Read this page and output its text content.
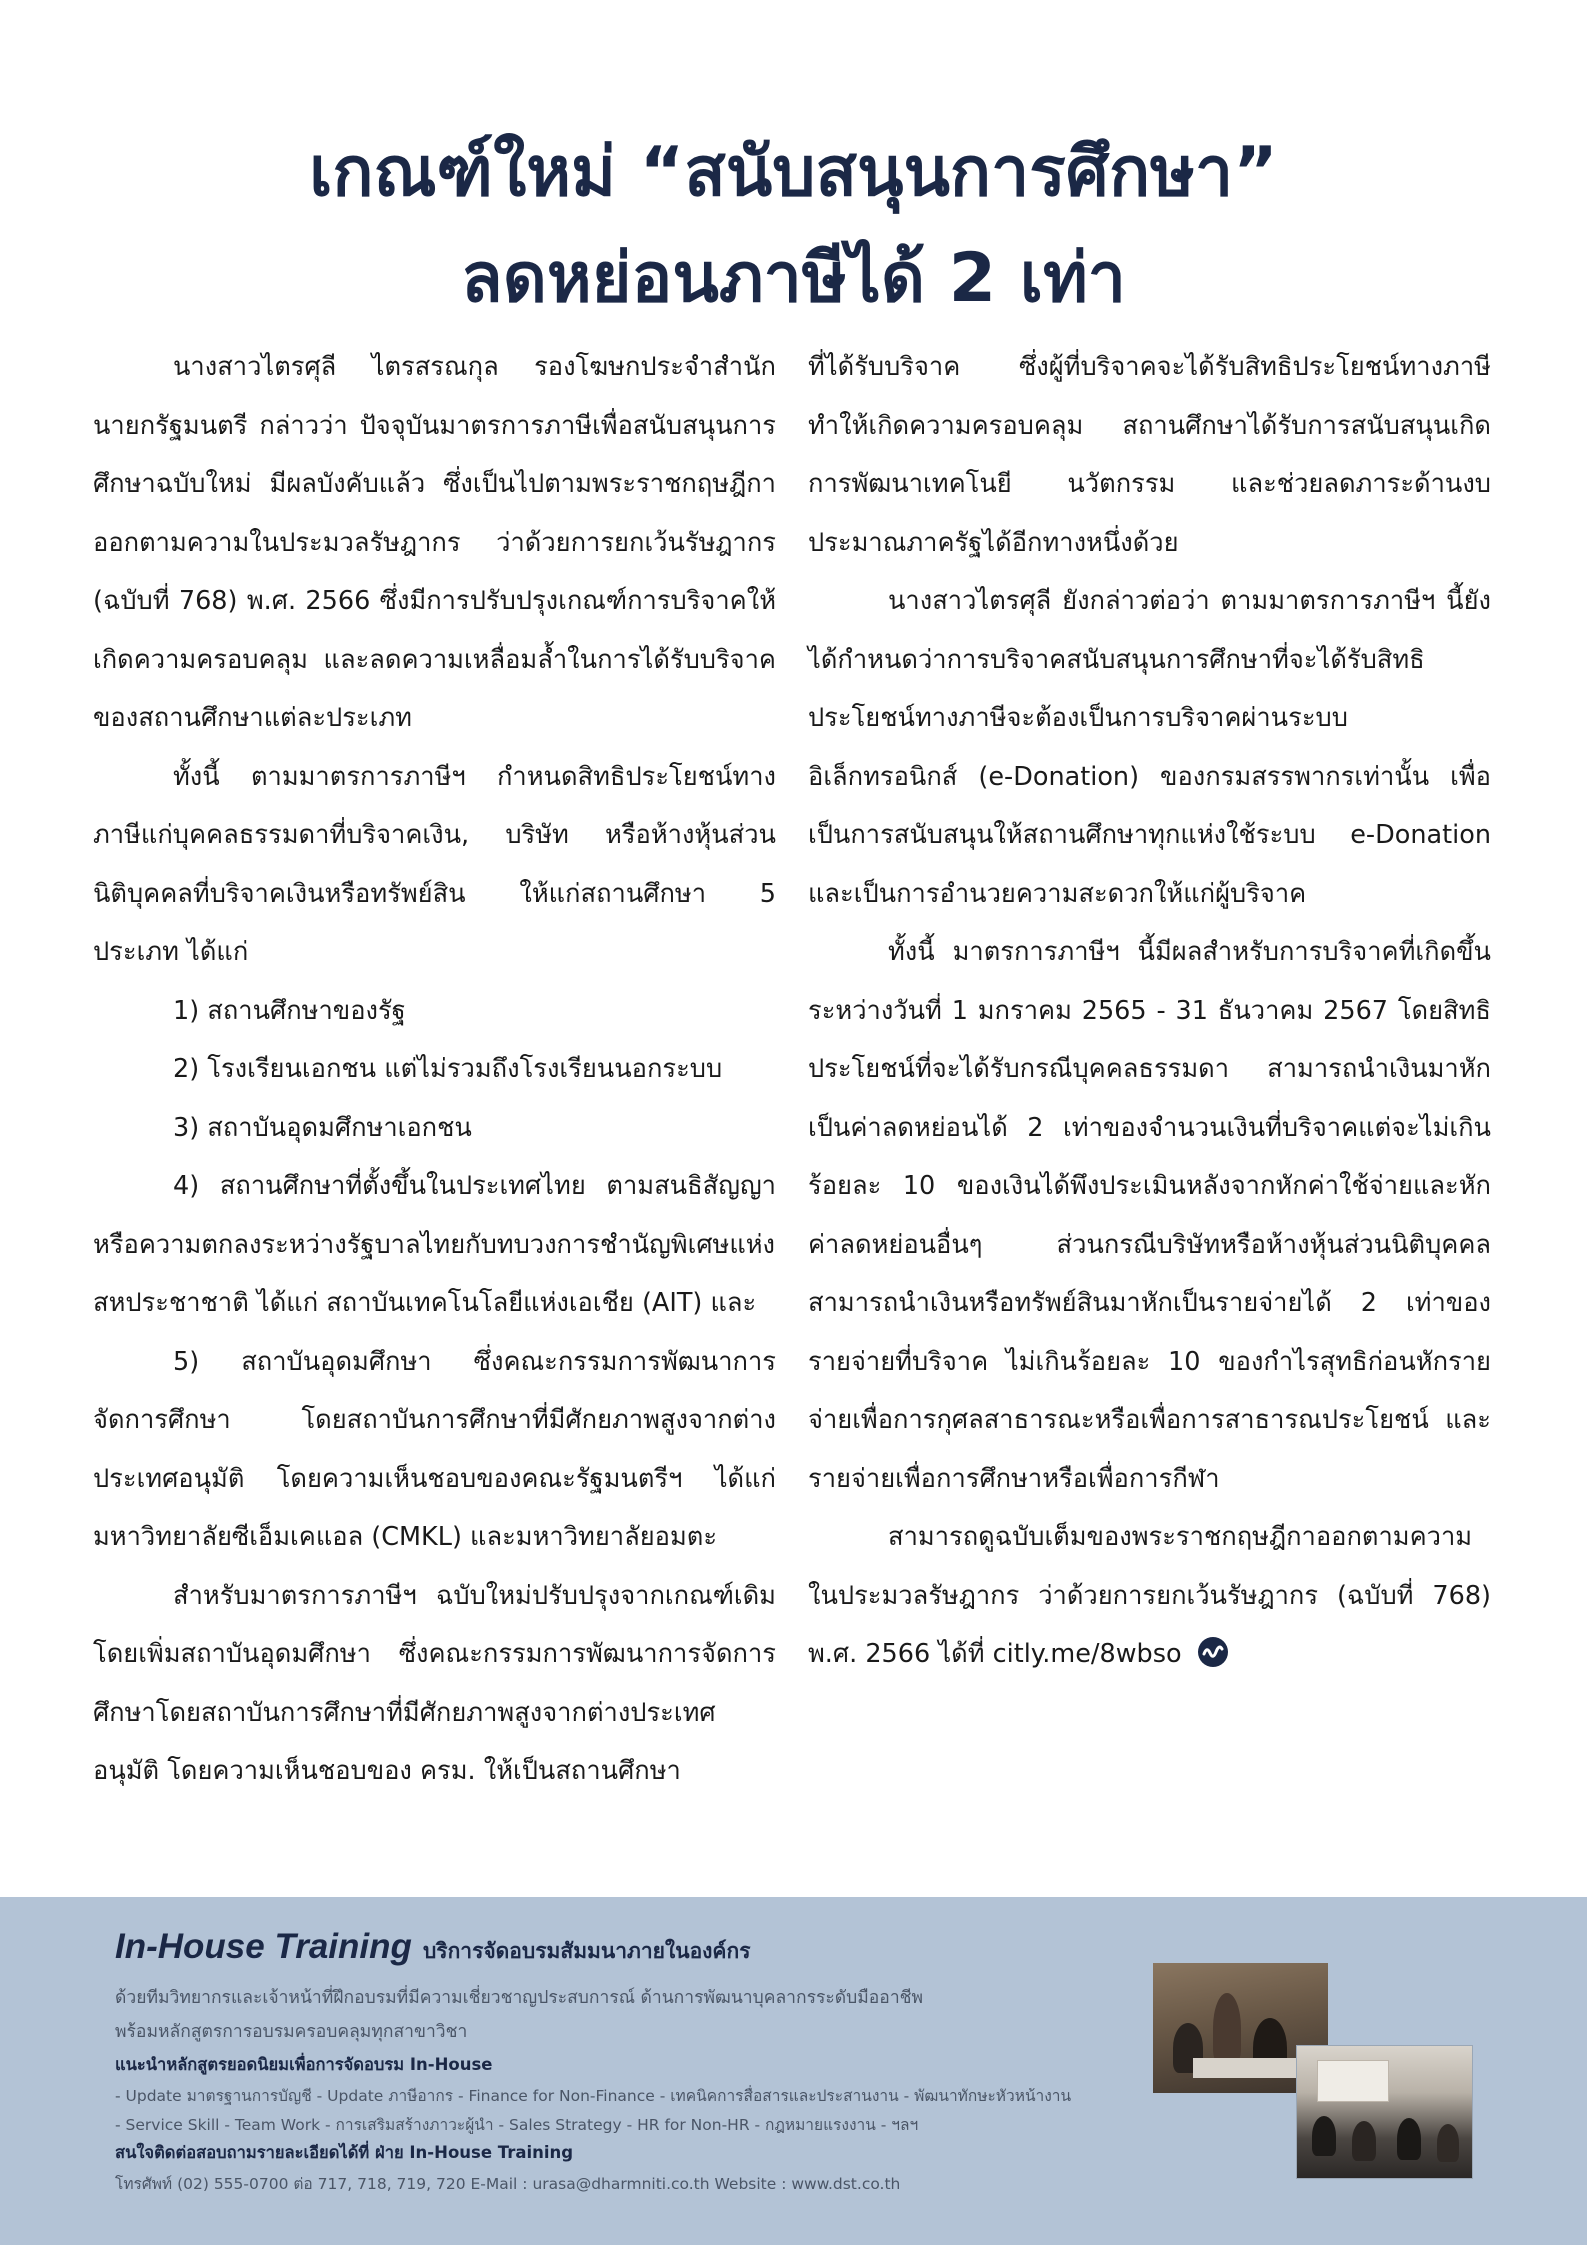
เกณฑ์ใหม่ “สนับสนุนการศึกษา”
ลดหย่อนภาษีได้ 2 เท่า

นางสาวไตรศุลี ไตรสรณกุล รองโฆษกประจำสำนักนายกรัฐมนตรี กล่าวว่า ปัจจุบันมาตรการภาษีเพื่อสนับสนุนการศึกษาฉบับใหม่ มีผลบังคับแล้ว ซึ่งเป็นไปตามพระราชกฤษฎีกาออกตามความในประมวลรัษฎากร ว่าด้วยการยกเว้นรัษฎากร (ฉบับที่ 768) พ.ศ. 2566 ซึ่งมีการปรับปรุงเกณฑ์การบริจาคให้เกิดความครอบคลุม และลดความเหลื่อมล้ำในการได้รับบริจาคของสถานศึกษาแต่ละประเภท

ทั้งนี้ ตามมาตรการภาษีฯ กำหนดสิทธิประโยชน์ทางภาษีแก่บุคคลธรรมดาที่บริจาคเงิน, บริษัท หรือห้างหุ้นส่วนนิติบุคคลที่บริจาคเงินหรือทรัพย์สิน ให้แก่สถานศึกษา 5 ประเภท ได้แก่

1) สถานศึกษาของรัฐ

2) โรงเรียนเอกชน แต่ไม่รวมถึงโรงเรียนนอกระบบ

3) สถาบันอุดมศึกษาเอกชน

4) สถานศึกษาที่ตั้งขึ้นในประเทศไทย ตามสนธิสัญญาหรือความตกลงระหว่างรัฐบาลไทยกับทบวงการชำนัญพิเศษแห่งสหประชาชาติ ได้แก่ สถาบันเทคโนโลยีแห่งเอเชีย (AIT) และ

5) สถาบันอุดมศึกษา ซึ่งคณะกรรมการพัฒนาการจัดการศึกษา โดยสถาบันการศึกษาที่มีศักยภาพสูงจากต่างประเทศอนุมัติ โดยความเห็นชอบของคณะรัฐมนตรีฯ ได้แก่ มหาวิทยาลัยซีเอ็มเคแอล (CMKL) และมหาวิทยาลัยอมตะ

สำหรับมาตรการภาษีฯ ฉบับใหม่ปรับปรุงจากเกณฑ์เดิม โดยเพิ่มสถาบันอุดมศึกษา ซึ่งคณะกรรมการพัฒนาการจัดการศึกษาโดยสถาบันการศึกษาที่มีศักยภาพสูงจากต่างประเทศอนุมัติ โดยความเห็นชอบของ ครม. ให้เป็นสถานศึกษา

ที่ได้รับบริจาค ซึ่งผู้ที่บริจาคจะได้รับสิทธิประโยชน์ทางภาษีทำให้เกิดความครอบคลุม สถานศึกษาได้รับการสนับสนุนเกิดการพัฒนาเทคโนยี นวัตกรรม และช่วยลดภาระด้านงบประมาณภาครัฐได้อีกทางหนึ่งด้วย

นางสาวไตรศุลี ยังกล่าวต่อว่า ตามมาตรการภาษีฯ นี้ยังได้กำหนดว่าการบริจาคสนับสนุนการศึกษาที่จะได้รับสิทธิประโยชน์ทางภาษีจะต้องเป็นการบริจาคผ่านระบบอิเล็กทรอนิกส์ (e-Donation) ของกรมสรรพากรเท่านั้น เพื่อเป็นการสนับสนุนให้สถานศึกษาทุกแห่งใช้ระบบ e-Donation และเป็นการอำนวยความสะดวกให้แก่ผู้บริจาค

ทั้งนี้ มาตรการภาษีฯ นี้มีผลสำหรับการบริจาคที่เกิดขึ้นระหว่างวันที่ 1 มกราคม 2565 - 31 ธันวาคม 2567 โดยสิทธิประโยชน์ที่จะได้รับกรณีบุคคลธรรมดา สามารถนำเงินมาหักเป็นค่าลดหย่อนได้ 2 เท่าของจำนวนเงินที่บริจาคแต่จะไม่เกินร้อยละ 10 ของเงินได้พึงประเมินหลังจากหักค่าใช้จ่ายและหักค่าลดหย่อนอื่นๆ ส่วนกรณีบริษัทหรือห้างหุ้นส่วนนิติบุคคล สามารถนำเงินหรือทรัพย์สินมาหักเป็นรายจ่ายได้ 2 เท่าของรายจ่ายที่บริจาค ไม่เกินร้อยละ 10 ของกำไรสุทธิก่อนหักรายจ่ายเพื่อการกุศลสาธารณะหรือเพื่อการสาธารณประโยชน์ และรายจ่ายเพื่อการศึกษาหรือเพื่อการกีฬา

สามารถดูฉบับเต็มของพระราชกฤษฎีกาออกตามความในประมวลรัษฎากร ว่าด้วยการยกเว้นรัษฎากร (ฉบับที่ 768) พ.ศ. 2566 ได้ที่ citly.me/8wbso

In-House Training บริการจัดอบรมสัมมนาภายในองค์กร
ด้วยทีมวิทยากรและเจ้าหน้าที่ฝึกอบรมที่มีความเชี่ยวชาญประสบการณ์ ด้านการพัฒนาบุคลากรระดับมืออาชีพ
พร้อมหลักสูตรการอบรมครอบคลุมทุกสาขาวิชา
แนะนำหลักสูตรยอดนิยมเพื่อการจัดอบรม In-House
- Update มาตรฐานการบัญชี - Update ภาษีอากร - Finance for Non-Finance - เทคนิคการสื่อสารและประสานงาน - พัฒนาทักษะหัวหน้างาน
- Service Skill - Team Work - การเสริมสร้างภาวะผู้นำ - Sales Strategy - HR for Non-HR - กฎหมายแรงงาน - ฯลฯ
สนใจติดต่อสอบถามรายละเอียดได้ที่ ฝ่าย In-House Training
โทรศัพท์ (02) 555-0700 ต่อ 717, 718, 719, 720 E-Mail : urasa@dharmniti.co.th Website : www.dst.co.th
